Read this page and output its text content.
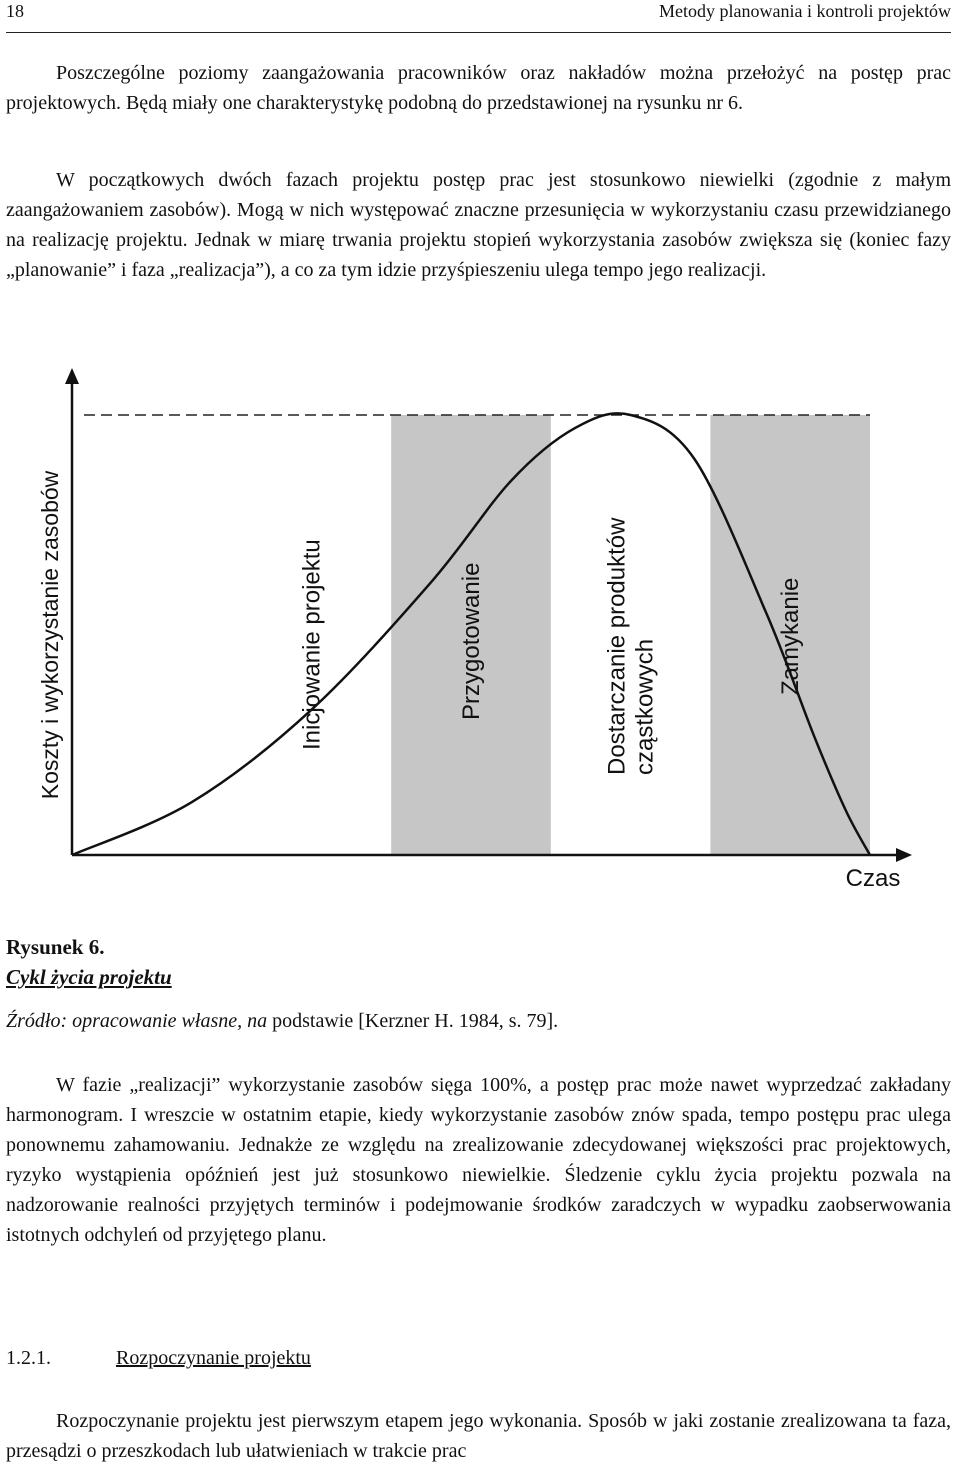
18	Metody planowania i kontroli projektów

Poszczególne poziomy zaangażowania pracowników oraz nakładów można przełożyć na postęp prac projektowych. Będą miały one charakterystykę podobną do przedstawionej na rysunku nr 6.

W początkowych dwóch fazach projektu postęp prac jest stosunkowo niewielki (zgodnie z małym zaangażowaniem zasobów). Mogą w nich występować znaczne przesunięcia w wykorzystaniu czasu przewidzianego na realizację projektu. Jednak w miarę trwania projektu stopień wykorzystania zasobów zwiększa się (koniec fazy „planowanie” i faza „realizacja”), a co za tym idzie przyśpieszeniu ulega tempo jego realizacji.

Koszty i wykorzystanie zasobów
Czas
Inicjowanie projektu	Przygotowanie	Dostarczanie produktów cząstkowych
Zamykanie

Rysunek 6.

Cykl życia projektu

Źródło: opracowanie własne, na podstawie [Kerzner H. 1984, s. 79].

W fazie „realizacji” wykorzystanie zasobów sięga 100%, a postęp prac może nawet wyprzedzać zakładany harmonogram. I wreszcie w ostatnim etapie, kiedy wykorzystanie zasobów znów spada, tempo postępu prac ulega ponownemu zahamowaniu. Jednakże ze względu na zrealizowanie zdecydowanej większości prac projektowych, ryzyko wystąpienia opóźnień jest już stosunkowo niewielkie. Śledzenie cyklu życia projektu pozwala na nadzorowanie realności przyjętych terminów i podejmowanie środków zaradczych w wypadku zaobserwowania istotnych odchyleń od przyjętego planu.

1.2.1.	Rozpoczynanie projektu

Rozpoczynanie projektu jest pierwszym etapem jego wykonania. Sposób w jaki zostanie zrealizowana ta faza, przesądzi o przeszkodach lub ułatwieniach w trakcie prac
